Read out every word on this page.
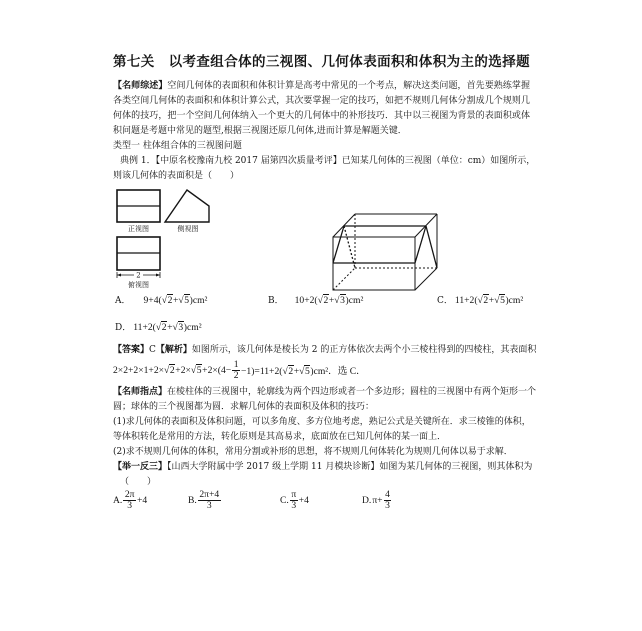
第七关　以考查组合体的三视图、几何体表面积和体积为主的选择题
【名师综述】空间几何体的表面积和体积计算是高考中常见的一个考点，解决这类问题，首先要熟练掌握
各类空间几何体的表面积和体积计算公式，其次要掌握一定的技巧，如把不规则几何体分割成几个规则几
何体的技巧，把一个空间几何体纳入一个更大的几何体中的补形技巧．其中以三视图为背景的表面积或体
积问题是考题中常见的题型,根据三视图还原几何体,进而计算是解题关键．
类型一 柱体组合体的三视图问题
典例 1．【中原名校豫南九校 2017 届第四次质量考评】已知某几何体的三视图（单位：cm）如图所示，
则该几何体的表面积是（　　）
正视图	侧视图
2
俯视图
A． 9+4(√2+√5)cm²	B． 10+2(√2+√3)cm²	C． 11+2(√2+√5)cm²
D． 11+2(√2+√3)cm²
【答案】C【解析】如图所示，该几何体是棱长为 2 的正方体依次去两个小三棱柱得到的四棱柱，其表面积
$2\times 2+2\times 1+2\times√2+2\times√5+2\times(4- \frac{1}{2} -1)=11+2(√2+√5)cm^2$．选 C．
【名师指点】在棱柱体的三视图中，轮廓线为两个四边形或者一个多边形；圆柱的三视图中有两个矩形一个
圆；球体的三个视图都为圆．求解几何体的表面积及体积的技巧：
(1)求几何体的表面积及体积问题，可以多角度、多方位地考虑，熟记公式是关键所在．求三棱锥的体积，
等体积转化是常用的方法，转化原则是其高易求，底面放在已知几何体的某一面上．
(2)求不规则几何体的体积，常用分割或补形的思想，将不规则几何体转化为规则几何体以易于求解．
【举一反三】【山西大学附属中学 2017 级上学期 11 月模块诊断】如图为某几何体的三视图，则其体积为
（　　）
A. $\frac{2\pi}{3} +4$	B. $\frac{2\pi+4}{3}$	C. $\frac{\pi}{3} +4$	D. $\pi+ \frac{4}{3}$
